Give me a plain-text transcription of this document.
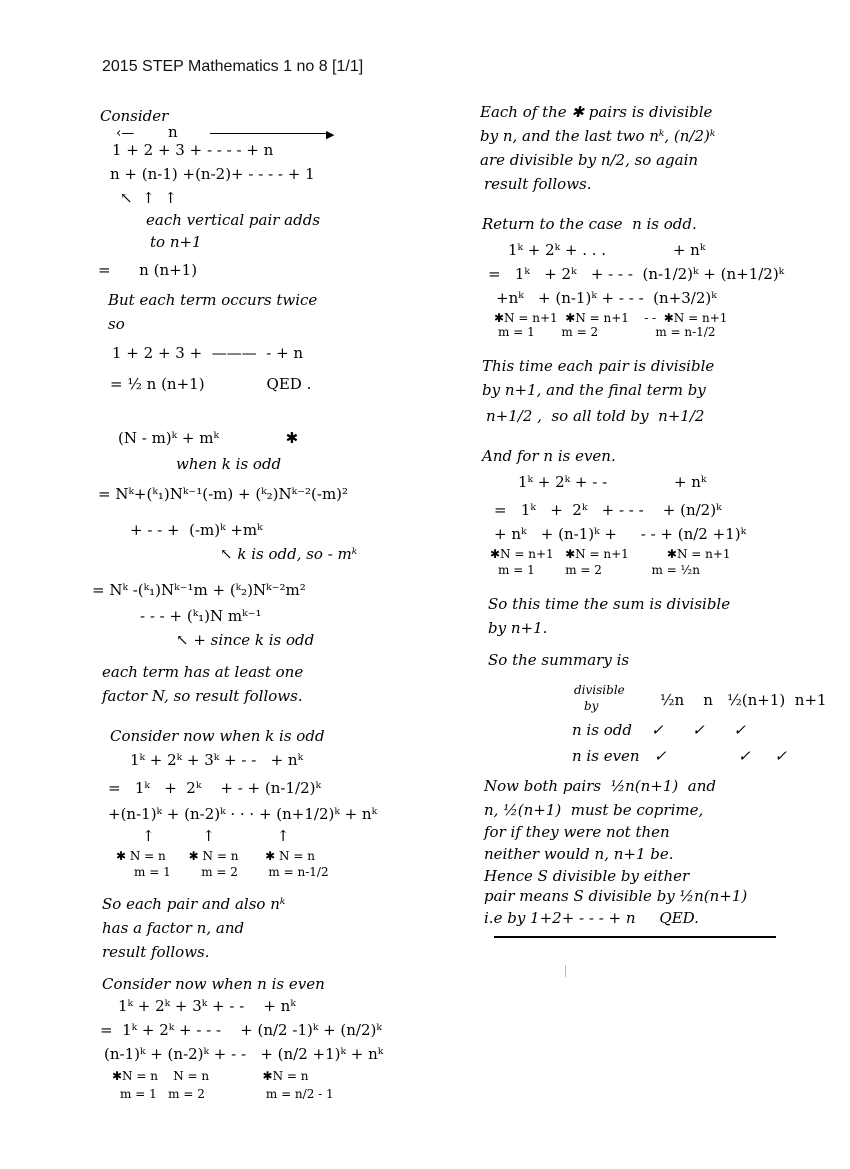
2015 STEP Mathematics 1 no 8 [1/1]
Consider
‹— n	▶
1 + 2 + 3 + - - - - + n
n + (n-1) +(n-2)+ - - - - + 1
↖  ↑  ↑
each vertical pair adds
to n+1
=      n (n+1)
But each term occurs twice
so
1 + 2 + 3 +  ———  - + n
= ½ n (n+1)             QED .
(N - m)ᵏ + mᵏ              ✱
when k is odd
= Nᵏ+(ᵏ₁)Nᵏ⁻¹(-m) + (ᵏ₂)Nᵏ⁻²(-m)²
+ - - +  (-m)ᵏ +mᵏ
↖ k is odd, so - mᵏ
= Nᵏ -(ᵏ₁)Nᵏ⁻¹m + (ᵏ₂)Nᵏ⁻²m²
- - - + (ᵏ₁)N mᵏ⁻¹
↖ + since k is odd
each term has at least one
factor N, so result follows.
Consider now when k is odd
1ᵏ + 2ᵏ + 3ᵏ + - -   + nᵏ
=   1ᵏ   +  2ᵏ    + - + (n-1/2)ᵏ
+(n-1)ᵏ + (n-2)ᵏ · · · + (n+1/2)ᵏ + nᵏ
↑          ↑             ↑
✱ N = n      ✱ N = n       ✱ N = n
m = 1        m = 2        m = n-1/2
So each pair and also nᵏ
has a factor n, and
result follows.
Consider now when n is even
1ᵏ + 2ᵏ + 3ᵏ + - -    + nᵏ
=  1ᵏ + 2ᵏ + - - -    + (n/2 -1)ᵏ + (n/2)ᵏ
(n-1)ᵏ + (n-2)ᵏ + - -   + (n/2 +1)ᵏ + nᵏ
✱N = n    N = n              ✱N = n
m = 1   m = 2                m = n/2 - 1
Each of the ✱ pairs is divisible
by n, and the last two nᵏ, (n/2)ᵏ
are divisible by n/2, so again
result follows.
Return to the case  n is odd.
1ᵏ + 2ᵏ + . . .              + nᵏ
=   1ᵏ   + 2ᵏ   + - - -  (n-1/2)ᵏ + (n+1/2)ᵏ
+nᵏ   + (n-1)ᵏ + - - -  (n+3/2)ᵏ
✱N = n+1  ✱N = n+1    - -  ✱N = n+1
m = 1       m = 2               m = n-1/2
This time each pair is divisible
by n+1, and the final term by
n+1/2 ,  so all told by  n+1/2
And for n is even.
1ᵏ + 2ᵏ + - -              + nᵏ
=   1ᵏ   +  2ᵏ   + - - -    + (n/2)ᵏ
+ nᵏ   + (n-1)ᵏ +     - - + (n/2 +1)ᵏ
✱N = n+1   ✱N = n+1          ✱N = n+1
m = 1        m = 2             m = ½n
So this time the sum is divisible
by n+1.
So the summary is
divisible
by	½n    n   ½(n+1)  n+1
n is odd    ✓      ✓      ✓
n is even   ✓               ✓     ✓
Now both pairs  ½n(n+1)  and
n, ½(n+1)  must be coprime,
for if they were not then
neither would n, n+1 be.
Hence S divisible by either
pair means S divisible by ½n(n+1)
i.e by 1+2+ - - - + n     QED.
